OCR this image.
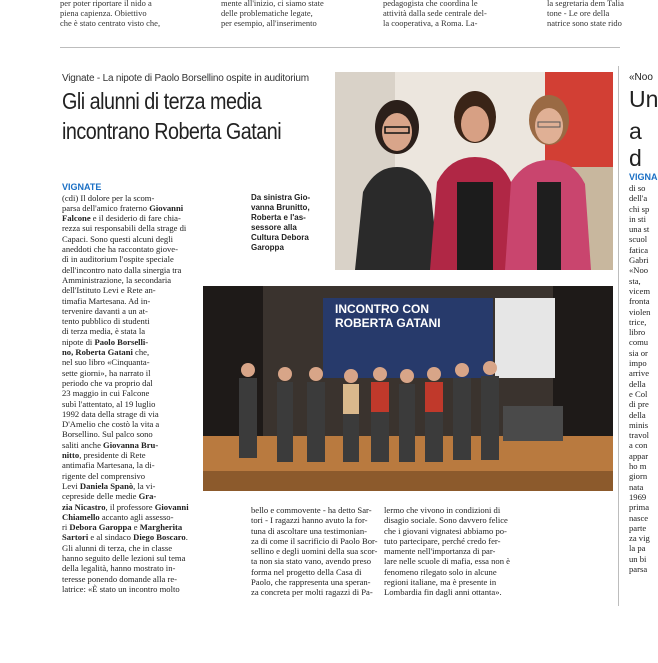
per poter riportare il nido a
piena capienza. Obiettivo
che è stato centrato visto che,
mente all'inizio, ci siamo state
delle problematiche legate,
per esempio, all'inserimento
pedagogista che coordina le
attività dalla sede centrale del-
la cooperativa, a Roma. La-
la segretaria dem Talia
tone - Le ore della
natrice sono state rido
Vignate - La nipote di Paolo Borsellino ospite in auditorium
Gli alunni di terza media incontrano Roberta Gatani

VIGNATE
(cdi) Il dolore per la scom-
parsa dell'amico fraterno Giovanni
Falcone e il desiderio di fare chia-
rezza sui responsabili della strage di
Capaci. Sono questi alcuni degli
aneddoti che ha raccontato giove-
dì in auditorium l'ospite speciale
dell'incontro nato dalla sinergia tra
Amministrazione, la secondaria
dell'Istituto Levi e Rete an-
timafia Martesana. Ad in-
tervenire davanti a un at-
tento pubblico di studenti
di terza media, è stata la
nipote di Paolo Borselli-
no, Roberta Gatani che,
nel suo libro «Cinquanta-
sette giorni», ha narrato il
periodo che va proprio dal
23 maggio in cui Falcone
subì l'attentato, al 19 luglio
1992 data della strage di via
D'Amelio che costò la vita a
Borsellino. Sul palco sono
saliti anche Giovanna Bru-
nitto, presidente di Rete
antimafia Martesana, la di-
rigente del comprensivo
Levi Daniela Spanò, la vi-
cepreside delle medie Gra-
zia Nicastro, il professore Giovanni
Chiamello accanto agli assesso-
ri Debora Garoppa e Margherita
Sartori e al sindaco Diego Boscaro.
Gli alunni di terza, che in classe
hanno seguito delle lezioni sul tema
della legalità, hanno mostrato in-
teresse ponendo domande alla re-
latrice: «È stato un incontro molto

Da sinistra Gio-
vanna Brunitto,
Roberta e l'as-
sessore alla
Cultura Debora
Garoppa
INCONTRO CON
ROBERTA GATANI
bello e commovente - ha detto Sar-
tori - I ragazzi hanno avuto la for-
tuna di ascoltare una testimonian-
za di come il sacrificio di Paolo Bor-
sellino e degli uomini della sua scor-
ta non sia stato vano, avendo preso
forma nel progetto della Casa di
Paolo, che rappresenta una speran-
za concreta per molti ragazzi di Pa-
lermo che vivono in condizioni di
disagio sociale. Sono davvero felice
che i giovani vignatesi abbiamo po-
tuto partecipare, perché credo fer-
mamente nell'importanza di par-
lare nelle scuole di mafia, essa non è
fenomeno rilegato solo in alcune
regioni italiane, ma è presente in
Lombardia fin dagli anni ottanta».
«Noo
Un
a d
VIGNA
di so
dell'a
chi sp
in sti
una st
scuol
fatica
Gabri
«Noo
sta,
vicem
fronta
violen
trice,
libro
comu
sia or
impo
arrive
della
e Col
di pre
della
minis
travol
a con
appar
ho m
giorn
nata
1969
prima
nasce
parte
za vig
la pa
un bi
parsa
